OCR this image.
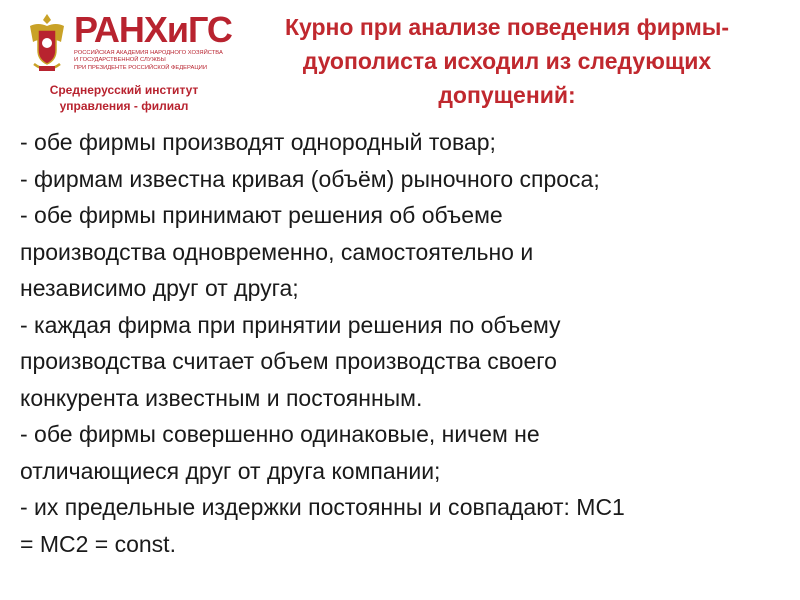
РАНХиГС
РОССИЙСКАЯ АКАДЕМИЯ НАРОДНОГО ХОЗЯЙСТВА
И ГОСУДАРСТВЕННОЙ СЛУЖБЫ
ПРИ ПРЕЗИДЕНТЕ РОССИЙСКОЙ ФЕДЕРАЦИИ
Среднерусский институт
управления - филиал
Курно при анализе поведения фирмы-
дуополиста исходил из следующих
допущений:

- обе фирмы производят однородный товар;

- фирмам известна кривая (объём) рыночного спроса;

- обе фирмы принимают решения об объеме
производства одновременно, самостоятельно и
независимо друг от друга;

- каждая фирма при принятии решения по объему
производства считает объем производства своего
конкурента известным и постоянным.

- обе фирмы совершенно одинаковые, ничем не
отличающиеся друг от друга компании;

- их предельные издержки постоянны и совпадают: MC1
= MC2 = const.
